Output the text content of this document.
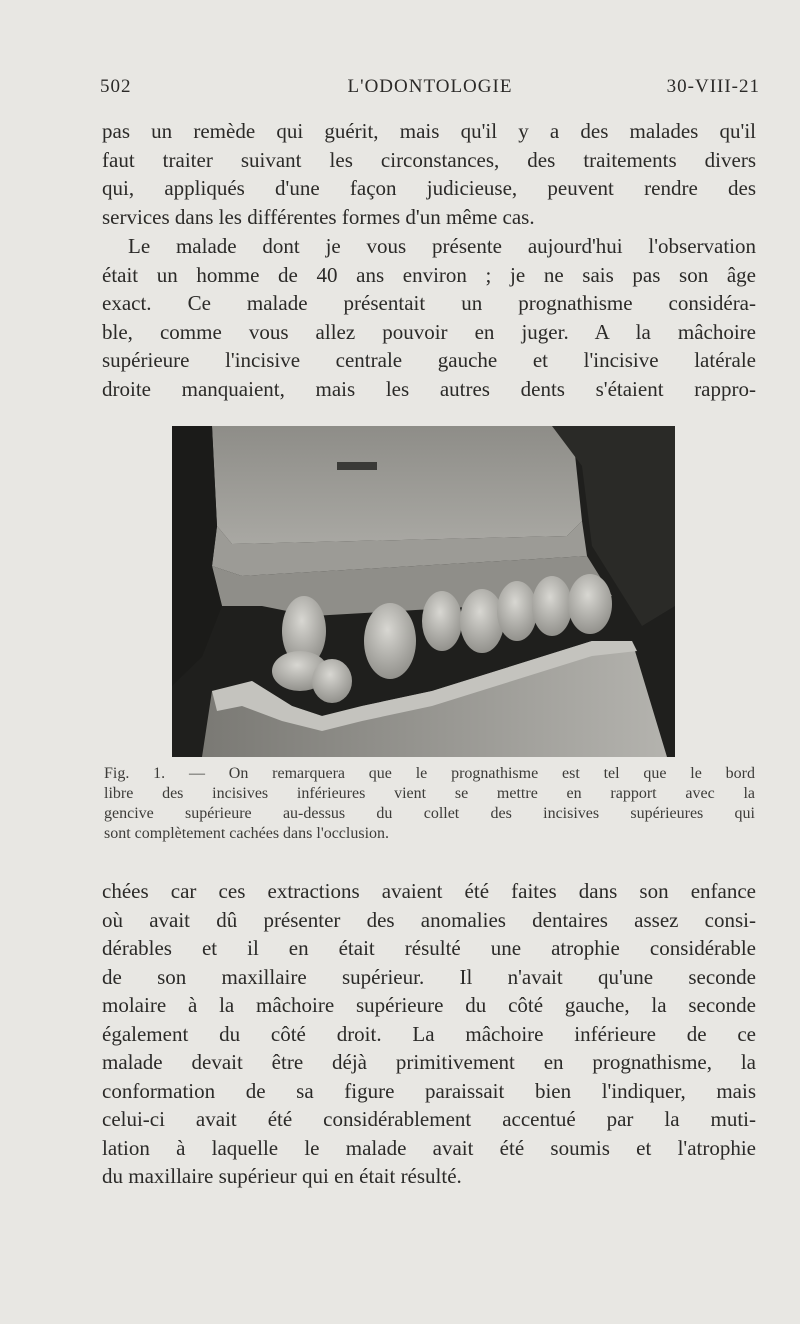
502	L'ODONTOLOGIE	30-VIII-21
pas un remède qui guérit, mais qu'il y a des malades qu'il
faut traiter suivant les circonstances, des traitements divers
qui, appliqués d'une façon judicieuse, peuvent rendre des
services dans les différentes formes d'un même cas.
Le malade dont je vous présente aujourd'hui l'observation
était un homme de 40 ans environ ; je ne sais pas son âge
exact. Ce malade présentait un prognathisme considéra-
ble, comme vous allez pouvoir en juger. A la mâchoire
supérieure l'incisive centrale gauche et l'incisive latérale
droite manquaient, mais les autres dents s'étaient rappro-
Fig. 1. — On remarquera que le prognathisme est tel que le bord
libre des incisives inférieures vient se mettre en rapport avec la
gencive supérieure au-dessus du collet des incisives supérieures qui
sont complètement cachées dans l'occlusion.
chées car ces extractions avaient été faites dans son enfance
où avait dû présenter des anomalies dentaires assez consi-
dérables et il en était résulté une atrophie considérable
de son maxillaire supérieur. Il n'avait qu'une seconde
molaire à la mâchoire supérieure du côté gauche, la seconde
également du côté droit. La mâchoire inférieure de ce
malade devait être déjà primitivement en prognathisme, la
conformation de sa figure paraissait bien l'indiquer, mais
celui-ci avait été considérablement accentué par la muti-
lation à laquelle le malade avait été soumis et l'atrophie
du maxillaire supérieur qui en était résulté.
